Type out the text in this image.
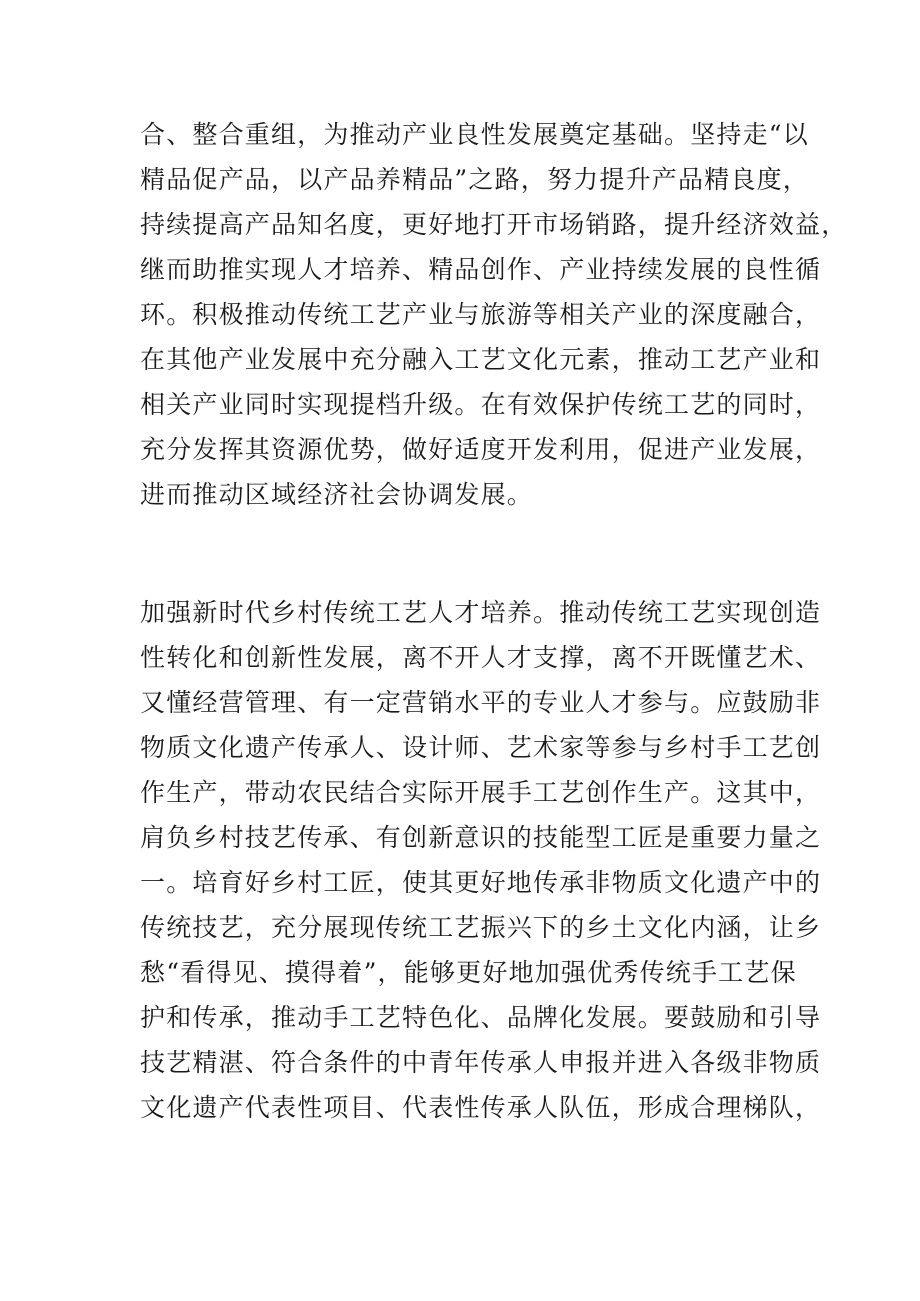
合、整合重组，为推动产业良性发展奠定基础。坚持走“以
精品促产品，以产品养精品”之路，努力提升产品精良度，
持续提高产品知名度，更好地打开市场销路，提升经济效益，
继而助推实现人才培养、精品创作、产业持续发展的良性循
环。积极推动传统工艺产业与旅游等相关产业的深度融合，
在其他产业发展中充分融入工艺文化元素，推动工艺产业和
相关产业同时实现提档升级。在有效保护传统工艺的同时，
充分发挥其资源优势，做好适度开发利用，促进产业发展，
进而推动区域经济社会协调发展。
加强新时代乡村传统工艺人才培养。推动传统工艺实现创造
性转化和创新性发展，离不开人才支撑，离不开既懂艺术、
又懂经营管理、有一定营销水平的专业人才参与。应鼓励非
物质文化遗产传承人、设计师、艺术家等参与乡村手工艺创
作生产，带动农民结合实际开展手工艺创作生产。这其中，
肩负乡村技艺传承、有创新意识的技能型工匠是重要力量之
一。培育好乡村工匠，使其更好地传承非物质文化遗产中的
传统技艺，充分展现传统工艺振兴下的乡土文化内涵，让乡
愁“看得见、摸得着”，能够更好地加强优秀传统手工艺保
护和传承，推动手工艺特色化、品牌化发展。要鼓励和引导
技艺精湛、符合条件的中青年传承人申报并进入各级非物质
文化遗产代表性项目、代表性传承人队伍，形成合理梯队，
